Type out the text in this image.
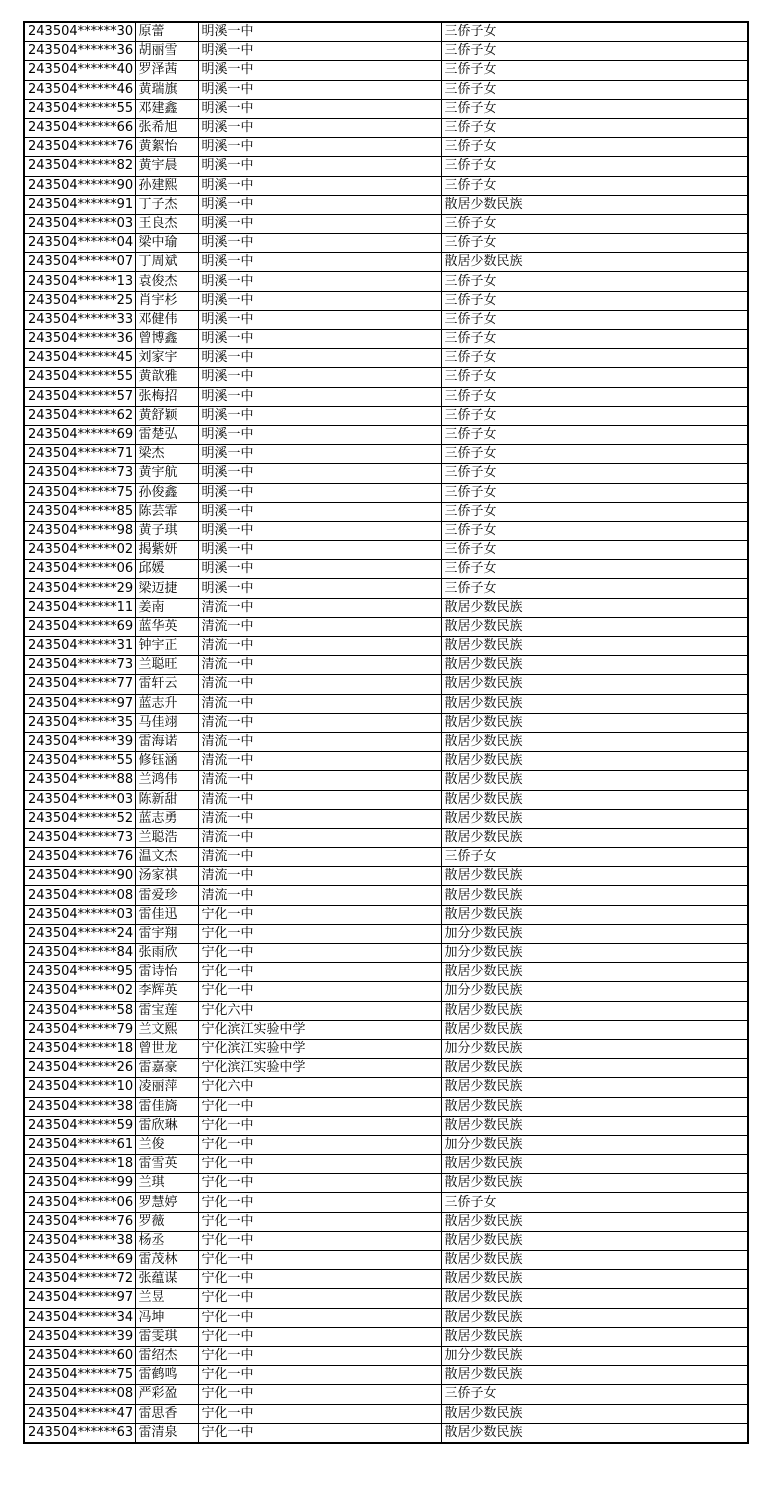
243504******30	原蕾	明溪一中	三侨子女
243504******36	胡丽雪	明溪一中	三侨子女
243504******40	罗泽茜	明溪一中	三侨子女
243504******46	黄瑞旗	明溪一中	三侨子女
243504******55	邓建鑫	明溪一中	三侨子女
243504******66	张希旭	明溪一中	三侨子女
243504******76	黄絮怡	明溪一中	三侨子女
243504******82	黄宇晨	明溪一中	三侨子女
243504******90	孙建熙	明溪一中	三侨子女
243504******91	丁子杰	明溪一中	散居少数民族
243504******03	王良杰	明溪一中	三侨子女
243504******04	梁中瑜	明溪一中	三侨子女
243504******07	丁周斌	明溪一中	散居少数民族
243504******13	袁俊杰	明溪一中	三侨子女
243504******25	肖宇杉	明溪一中	三侨子女
243504******33	邓健伟	明溪一中	三侨子女
243504******36	曾博鑫	明溪一中	三侨子女
243504******45	刘家宇	明溪一中	三侨子女
243504******55	黄歆雅	明溪一中	三侨子女
243504******57	张梅招	明溪一中	三侨子女
243504******62	黄舒颖	明溪一中	三侨子女
243504******69	雷楚弘	明溪一中	三侨子女
243504******71	梁杰	明溪一中	三侨子女
243504******73	黄宇航	明溪一中	三侨子女
243504******75	孙俊鑫	明溪一中	三侨子女
243504******85	陈芸霏	明溪一中	三侨子女
243504******98	黄子琪	明溪一中	三侨子女
243504******02	揭紫妍	明溪一中	三侨子女
243504******06	邱媛	明溪一中	三侨子女
243504******29	梁迈捷	明溪一中	三侨子女
243504******11	姜南	清流一中	散居少数民族
243504******69	蓝华英	清流一中	散居少数民族
243504******31	钟宇正	清流一中	散居少数民族
243504******73	兰聪旺	清流一中	散居少数民族
243504******77	雷轩云	清流一中	散居少数民族
243504******97	蓝志升	清流一中	散居少数民族
243504******35	马佳翊	清流一中	散居少数民族
243504******39	雷海诺	清流一中	散居少数民族
243504******55	修钰涵	清流一中	散居少数民族
243504******88	兰鸿伟	清流一中	散居少数民族
243504******03	陈新甜	清流一中	散居少数民族
243504******52	蓝志勇	清流一中	散居少数民族
243504******73	兰聪浩	清流一中	散居少数民族
243504******76	温文杰	清流一中	三侨子女
243504******90	汤家祺	清流一中	散居少数民族
243504******08	雷爱珍	清流一中	散居少数民族
243504******03	雷佳迅	宁化一中	散居少数民族
243504******24	雷宇翔	宁化一中	加分少数民族
243504******84	张雨欣	宁化一中	加分少数民族
243504******95	雷诗怡	宁化一中	散居少数民族
243504******02	李辉英	宁化一中	加分少数民族
243504******58	雷宝莲	宁化六中	散居少数民族
243504******79	兰文熙	宁化滨江实验中学	散居少数民族
243504******18	曾世龙	宁化滨江实验中学	加分少数民族
243504******26	雷嘉豪	宁化滨江实验中学	散居少数民族
243504******10	凌丽萍	宁化六中	散居少数民族
243504******38	雷佳旖	宁化一中	散居少数民族
243504******59	雷欣琳	宁化一中	散居少数民族
243504******61	兰俊	宁化一中	加分少数民族
243504******18	雷雪英	宁化一中	散居少数民族
243504******99	兰琪	宁化一中	散居少数民族
243504******06	罗慧婷	宁化一中	三侨子女
243504******76	罗薇	宁化一中	散居少数民族
243504******38	杨丞	宁化一中	散居少数民族
243504******69	雷茂林	宁化一中	散居少数民族
243504******72	张蕴谋	宁化一中	散居少数民族
243504******97	兰昱	宁化一中	散居少数民族
243504******34	冯坤	宁化一中	散居少数民族
243504******39	雷雯琪	宁化一中	散居少数民族
243504******60	雷绍杰	宁化一中	加分少数民族
243504******75	雷鹤鸣	宁化一中	散居少数民族
243504******08	严彩盈	宁化一中	三侨子女
243504******47	雷思香	宁化一中	散居少数民族
243504******63	雷清泉	宁化一中	散居少数民族
